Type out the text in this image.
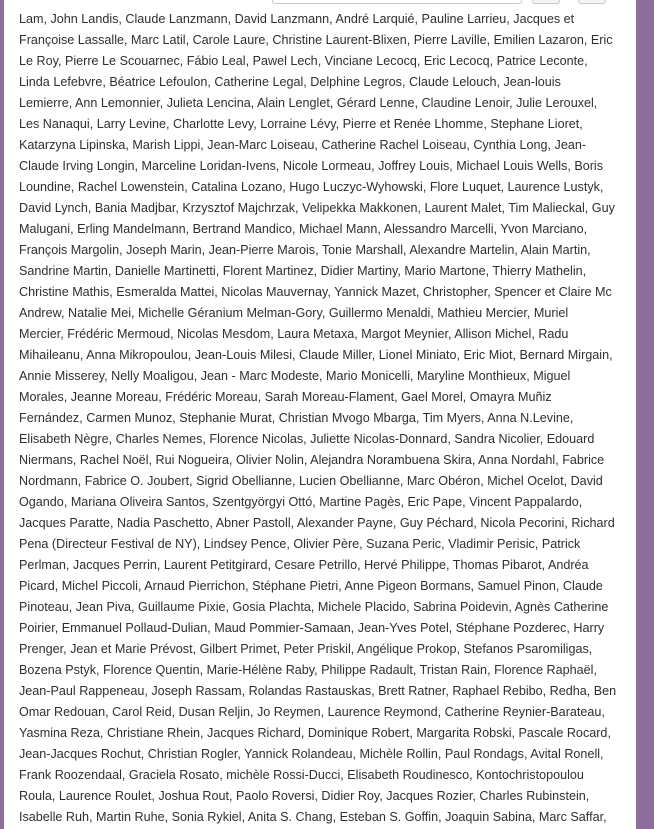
Lam, John Landis, Claude Lanzmann, David Lanzmann, André Larquié, Pauline Larrieu, Jacques et
Françoise Lassalle, Marc Latil, Carole Laure, Christine Laurent-Blixen, Pierre Laville, Emilien Lazaron, Eric
Le Roy, Pierre Le Scouarnec, Fábio Leal, Pawel Lech, Vinciane Lecocq, Eric Lecocq, Patrice Leconte,
Linda Lefebvre, Béatrice Lefoulon, Catherine Legal, Delphine Legros, Claude Lelouch, Jean-louis
Lemierre, Ann Lemonnier, Julieta Lencina, Alain Lenglet, Gérard Lenne, Claudine Lenoir, Julie Lerouxel,
Les Nanaqui, Larry Levine, Charlotte Levy, Lorraine Lévy, Pierre et Renée Lhomme, Stephane Lioret,
Katarzyna Lipinska, Marish Lippi, Jean-Marc Loiseau, Catherine Rachel Loiseau, Cynthia Long, Jean-
Claude Irving Longin, Marceline Loridan-Ivens, Nicole Lormeau, Joffrey Louis, Michael Louis Wells, Boris
Loundine, Rachel Lowenstein, Catalina Lozano, Hugo Luczyc-Wyhowski, Flore Luquet, Laurence Lustyk,
David Lynch, Bania Madjbar, Krzysztof Majchrzak, Velipekka Makkonen, Laurent Malet, Tim Malieckal, Guy
Malugani, Erling Mandelmann, Bertrand Mandico, Michael Mann, Alessandro Marcelli, Yvon Marciano,
François Margolin, Joseph Marin, Jean-Pierre Marois, Tonie Marshall, Alexandre Martelin, Alain Martin,
Sandrine Martin, Danielle Martinetti, Florent Martinez, Didier Martiny, Mario Martone, Thierry Mathelin,
Christine Mathis, Esmeralda Mattei, Nicolas Mauvernay, Yannick Mazet, Christopher, Spencer et Claire Mc
Andrew, Natalie Mei, Michelle Géranium Melman-Gory, Guillermo Menaldi, Mathieu Mercier, Muriel
Mercier, Frédéric Mermoud, Nicolas Mesdom, Laura Metaxa, Margot Meynier, Allison Michel, Radu
Mihaileanu, Anna Mikropoulou, Jean-Louis Milesi, Claude Miller, Lionel Miniato, Eric Miot, Bernard Mirgain,
Annie Misserey, Nelly Moaligou, Jean - Marc Modeste, Mario Monicelli, Maryline Monthieux, Miguel
Morales, Jeanne Moreau, Frédéric Moreau, Sarah Moreau-Flament, Gael Morel, Omayra Muñiz
Fernández, Carmen Munoz, Stephanie Murat, Christian Mvogo Mbarga, Tim Myers, Anna N.Levine,
Elisabeth Nègre, Charles Nemes, Florence Nicolas, Juliette Nicolas-Donnard, Sandra Nicolier, Edouard
Niermans, Rachel Noël, Rui Nogueira, Olivier Nolin, Alejandra Norambuena Skira, Anna Nordahl, Fabrice
Nordmann, Fabrice O. Joubert, Sigrid Obellianne, Lucien Obellianne, Marc Obéron, Michel Ocelot, David
Ogando, Mariana Oliveira Santos, Szentgyörgyi Ottó, Martine Pagès, Eric Pape, Vincent Pappalardo,
Jacques Paratte, Nadia Paschetto, Abner Pastoll, Alexander Payne, Guy Péchard, Nicola Pecorini, Richard
Pena (Directeur Festival de NY), Lindsey Pence, Olivier Père, Suzana Peric, Vladimir Perisic, Patrick
Perlman, Jacques Perrin, Laurent Petitgirard, Cesare Petrillo, Hervé Philippe, Thomas Pibarot, Andréa
Picard, Michel Piccoli, Arnaud Pierrichon, Stéphane Pietri, Anne Pigeon Bormans, Samuel Pinon, Claude
Pinoteau, Jean Piva, Guillaume Pixie, Gosia Plachta, Michele Placido, Sabrina Poidevin, Agnès Catherine
Poirier, Emmanuel Pollaud-Dulian, Maud Pommier-Samaan, Jean-Yves Potel, Stéphane Pozderec, Harry
Prenger, Jean et Marie Prévost, Gilbert Primet, Peter Priskil, Angélique Prokop, Stefanos Psaromiligas,
Bozena Pstyk, Florence Quentin, Marie-Hélène Raby, Philippe Radault, Tristan Rain, Florence Raphaël,
Jean-Paul Rappeneau, Joseph Rassam, Rolandas Rastauskas, Brett Ratner, Raphael Rebibo, Redha, Ben
Omar Redouan, Carol Reid, Dusan Reljin, Jo Reymen, Laurence Reymond, Catherine Reynier-Barateau,
Yasmina Reza, Christiane Rhein, Jacques Richard, Dominique Robert, Margarita Robski, Pascale Rocard,
Jean-Jacques Rochut, Christian Rogler, Yannick Rolandeau, Michèle Rollin, Paul Rondags, Avital Ronell,
Frank Roozendaal, Graciela Rosato, michèle Rossi-Ducci, Elisabeth Roudinesco, Kontochristopoulou
Roula, Laurence Roulet, Joshua Rout, Paolo Roversi, Didier Roy, Jacques Rozier, Charles Rubinstein,
Isabelle Ruh, Martin Ruhe, Sonia Rykiel, Anita S. Chang, Esteban S. Goffin, Joaquin Sabina, Marc Saffar,
